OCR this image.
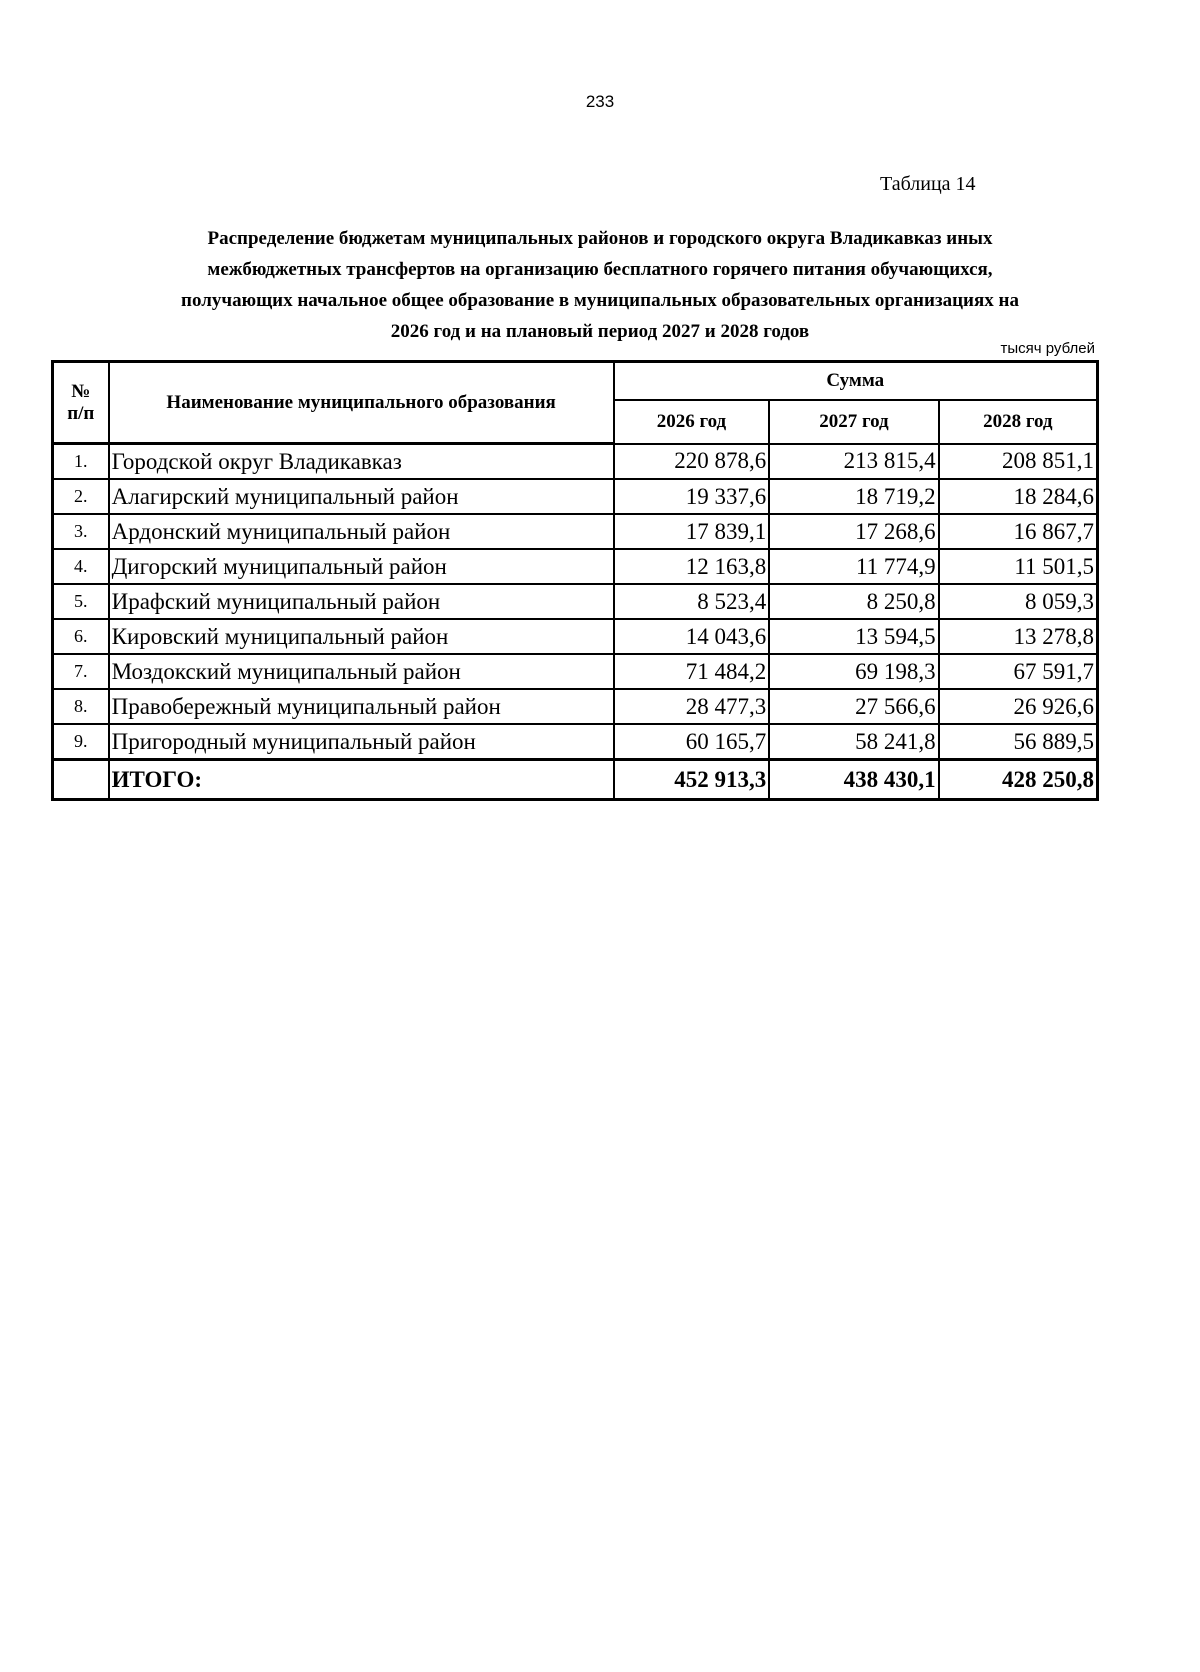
233
Таблица 14
Распределение бюджетам муниципальных районов и городского округа Владикавказ иных
межбюджетных трансфертов на организацию бесплатного горячего питания обучающихся,
получающих начальное общее образование в муниципальных образовательных организациях на
2026 год и на плановый период 2027 и 2028 годов
тысяч рублей
№
п/п	Наименование муниципального образования	Сумма		
		2026 год	2027 год	2028 год
1.	Городской округ Владикавказ	220 878,6	213 815,4	208 851,1
2.	Алагирский муниципальный район	19 337,6	18 719,2	18 284,6
3.	Ардонский муниципальный район	17 839,1	17 268,6	16 867,7
4.	Дигорский муниципальный район	12 163,8	11 774,9	11 501,5
5.	Ирафский муниципальный район	8 523,4	8 250,8	8 059,3
6.	Кировский муниципальный район	14 043,6	13 594,5	13 278,8
7.	Моздокский муниципальный район	71 484,2	69 198,3	67 591,7
8.	Правобережный муниципальный район	28 477,3	27 566,6	26 926,6
9.	Пригородный муниципальный район	60 165,7	58 241,8	56 889,5
	ИТОГО:	452 913,3	438 430,1	428 250,8
